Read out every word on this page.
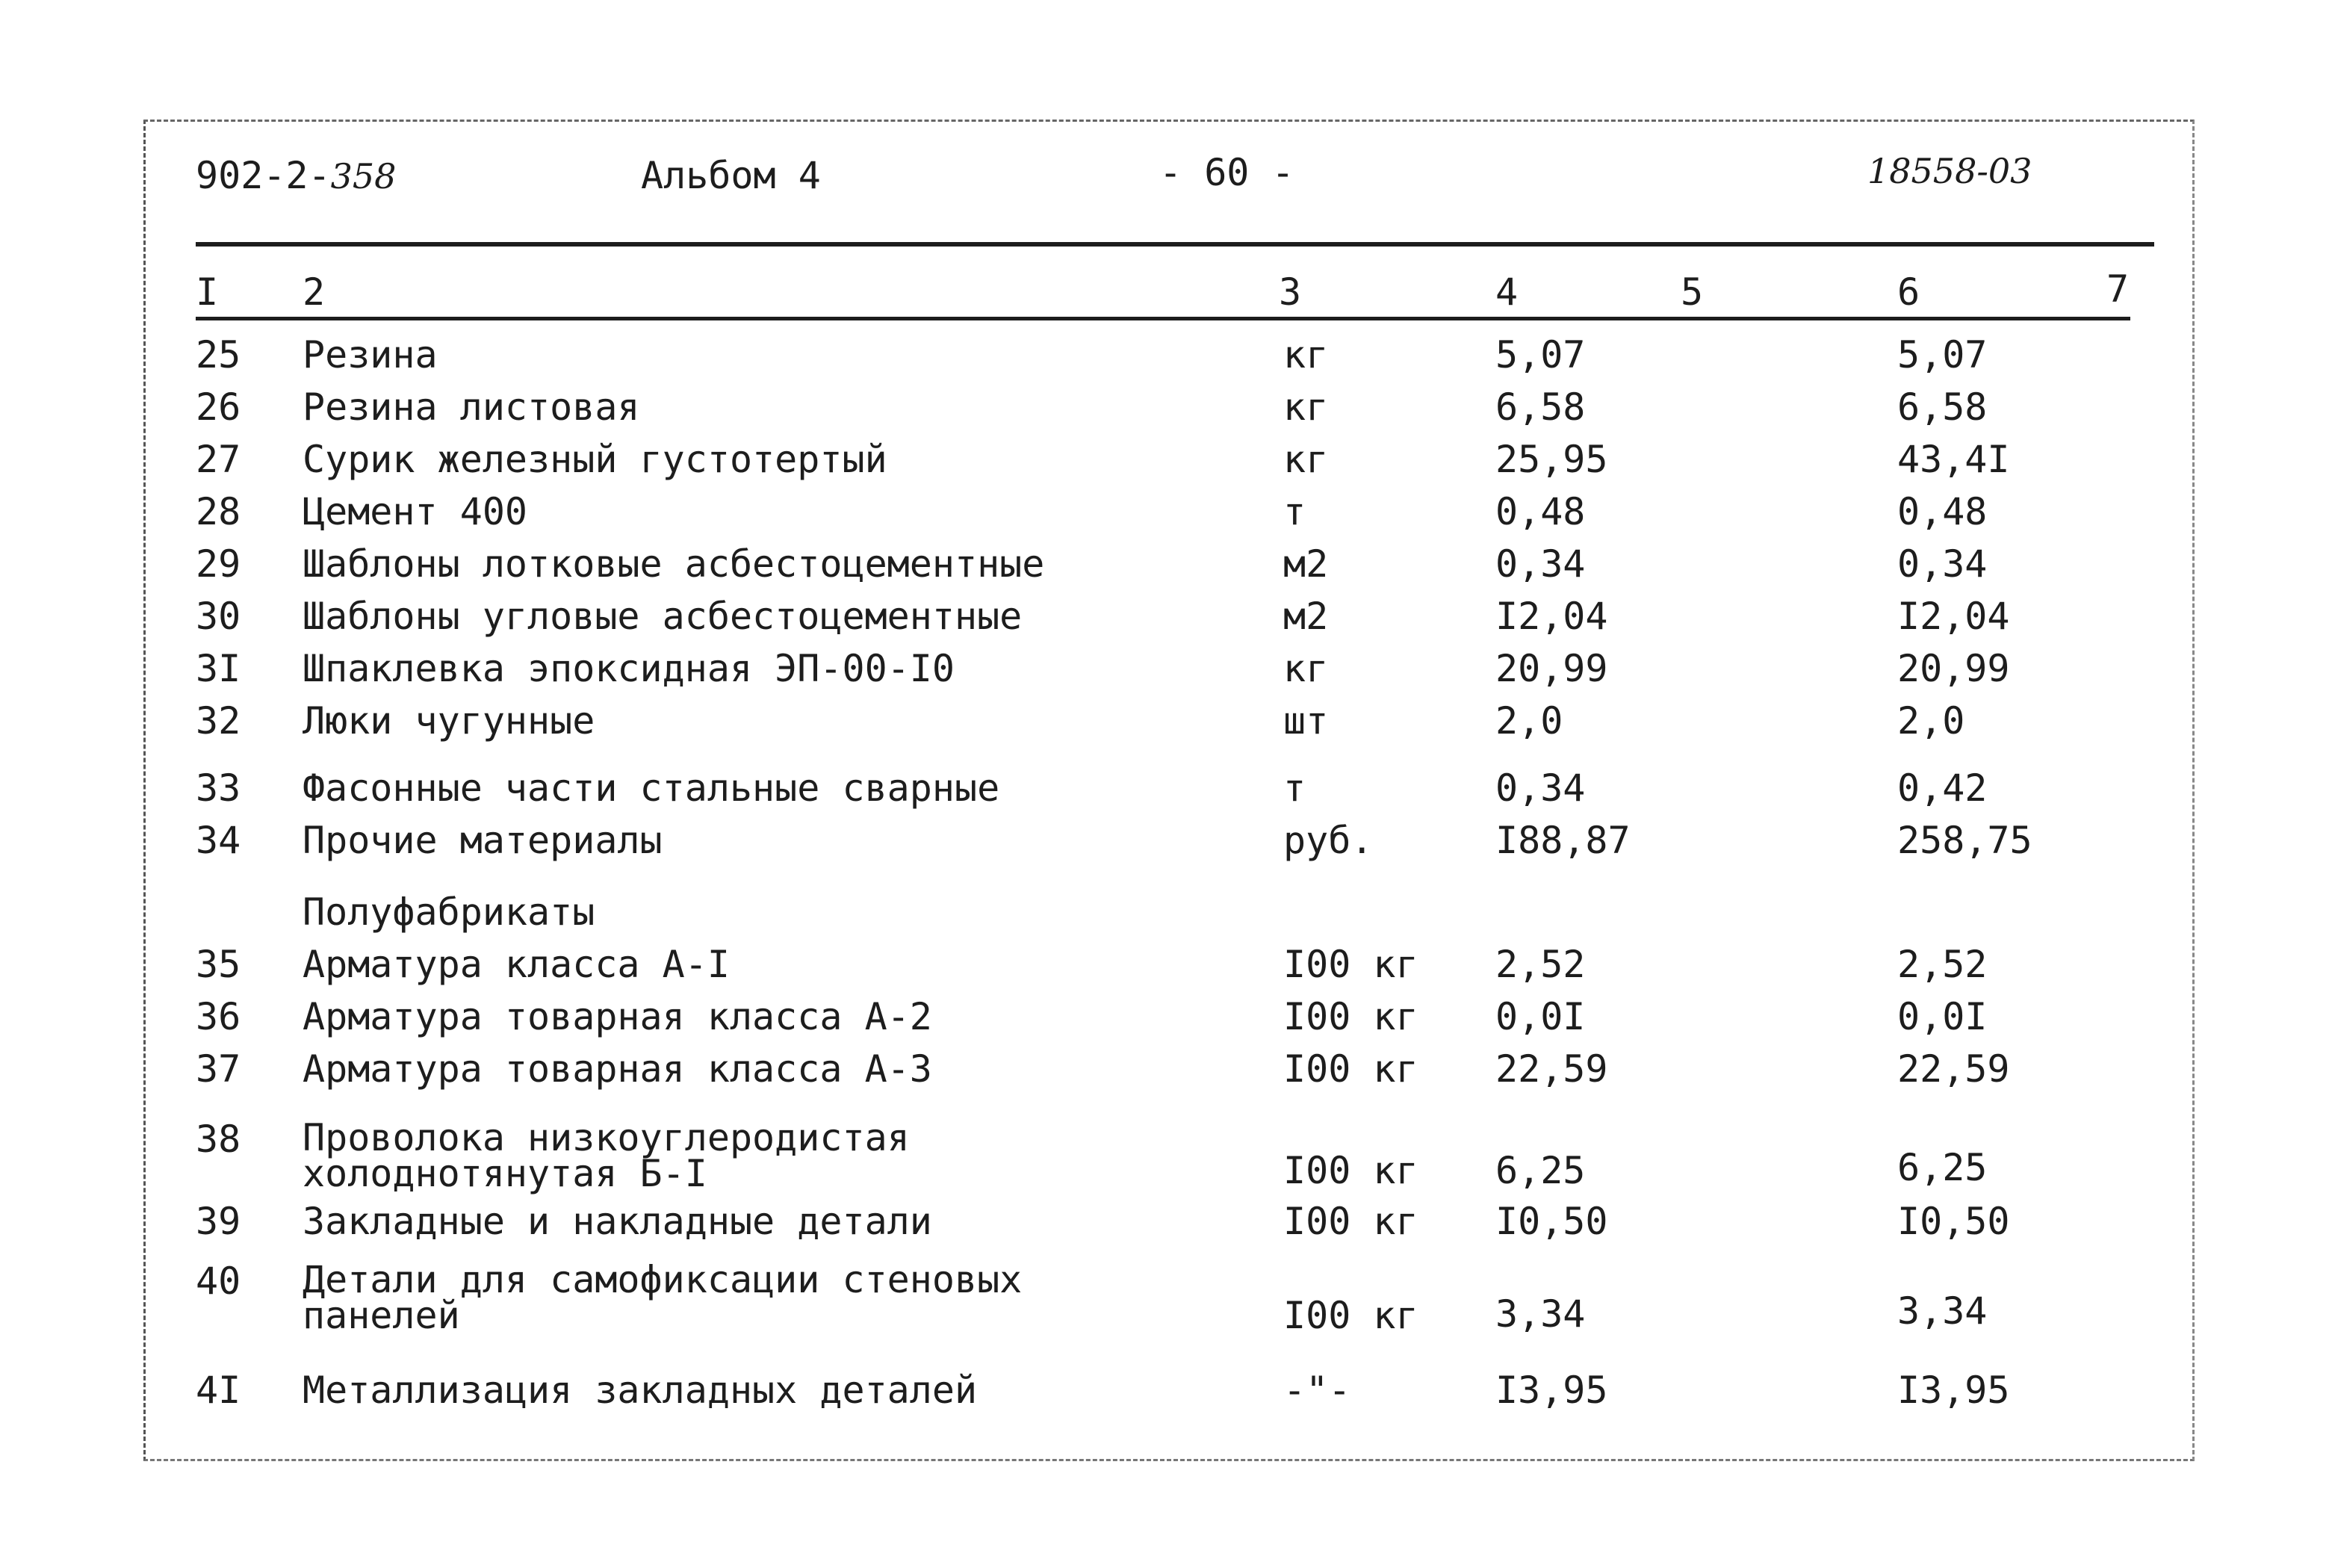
902-2-358	Альбом 4	- 60 -	18558-03
I 2	3	4	5	6	7
25 Резина	кг	5,07	5,07
26 Резина листовая	кг	6,58	6,58
27 Сурик железный густотертый	кг	25,95	43,4I
28 Цемент 400	т	0,48	0,48
29 Шаблоны лотковые асбестоцементные	м2	0,34	0,34
30 Шаблоны угловые асбестоцементные	м2	I2,04	I2,04
3I Шпаклевка эпоксидная ЭП-00-I0	кг	20,99	20,99
32 Люки чугунные	шт	2,0	2,0
33 Фасонные части стальные сварные	т	0,34	0,42
34 Прочие материалы	руб.	I88,87	258,75
Полуфабрикаты
35 Арматура класса А-I	I00 кг 2,52	2,52
36 Арматура товарная класса А-2	I00 кг 0,0I	0,0I
37 Арматура товарная класса А-3	I00 кг 22,59	22,59
38 Проволока низкоуглеродистая холоднотянутая Б-I	I00 кг 6,25	6,25
39 Закладные и накладные детали	I00 кг I0,50	I0,50
40 Детали для самофиксации стеновых панелей	I00 кг 3,34	3,34
4I Металлизация закладных деталей	-"-	I3,95	I3,95
